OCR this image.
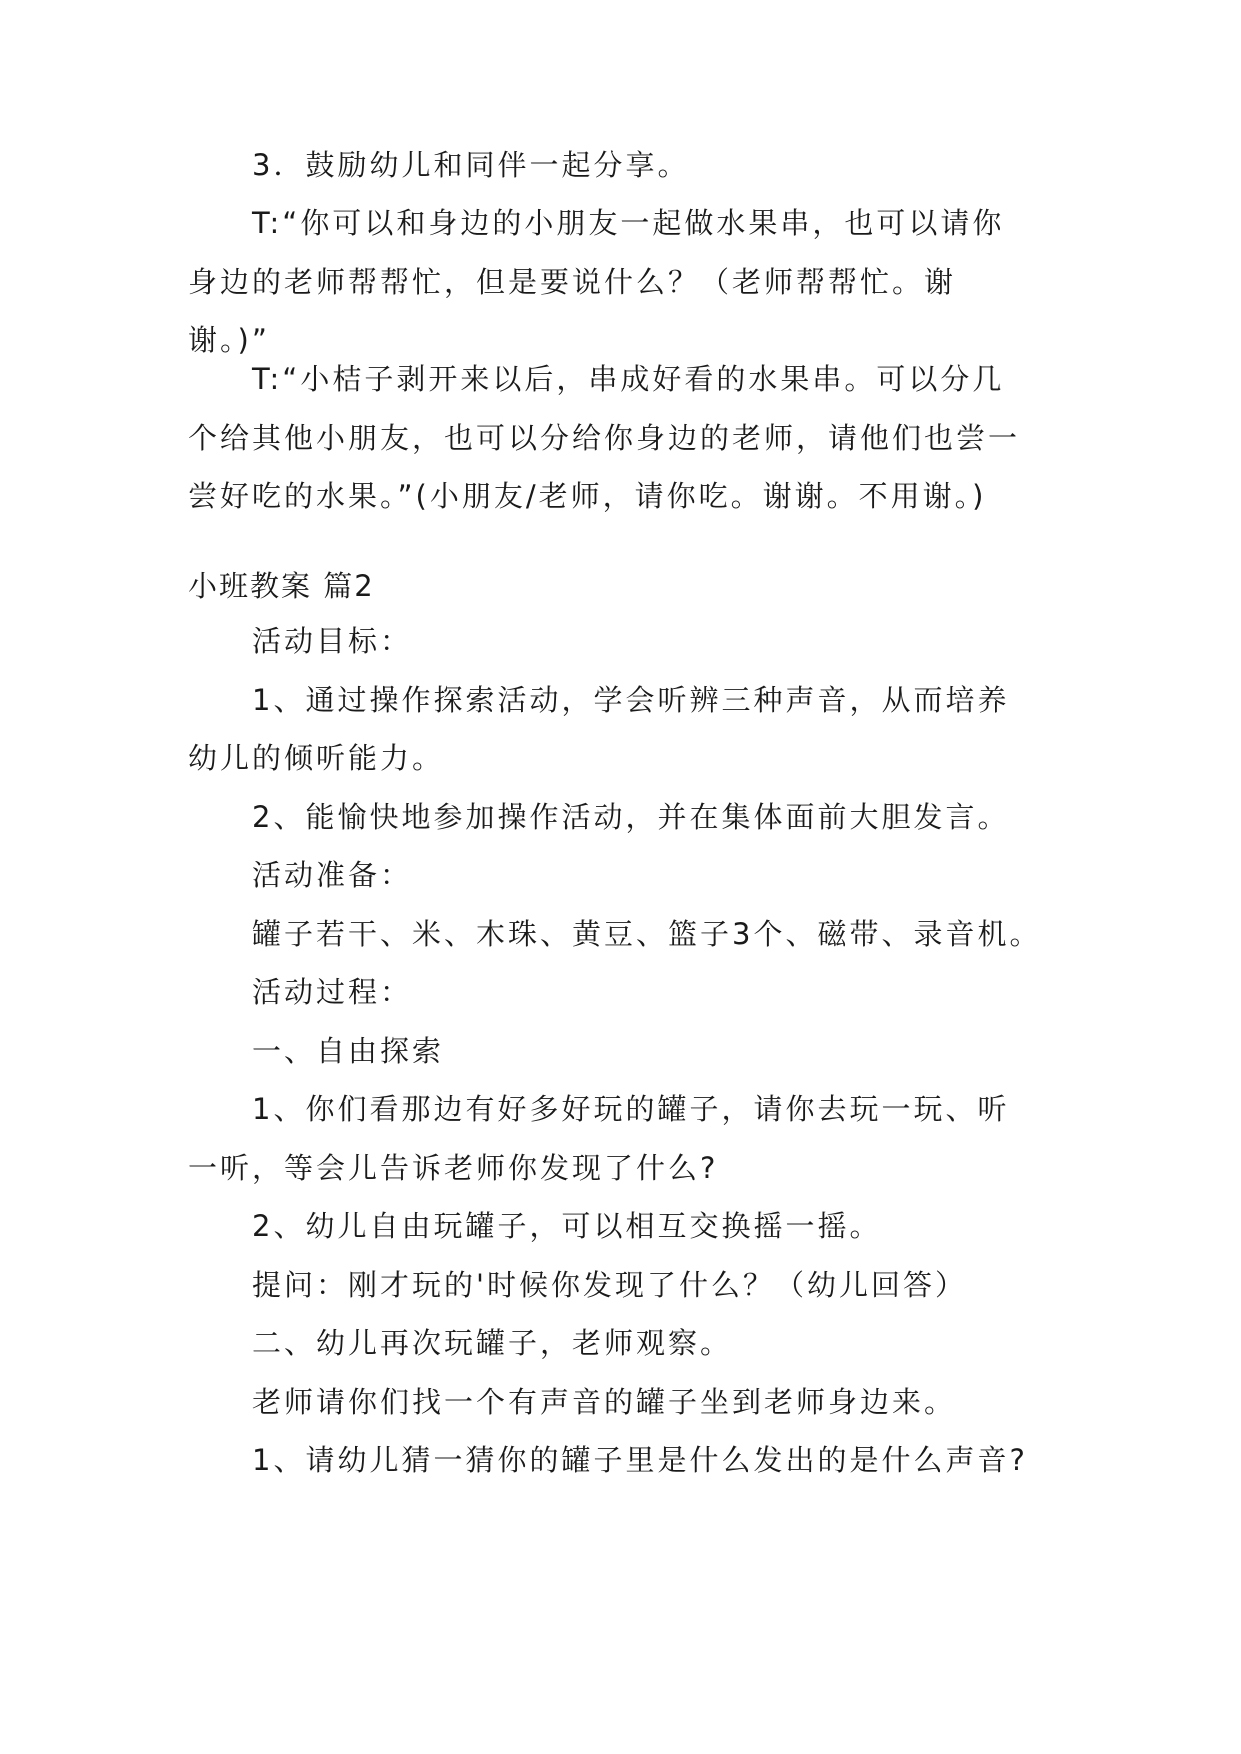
3．鼓励幼儿和同伴一起分享。
T:“你可以和身边的小朋友一起做水果串，也可以请你
身边的老师帮帮忙，但是要说什么？（老师帮帮忙。谢
谢。)”
T:“小桔子剥开来以后，串成好看的水果串。可以分几
个给其他小朋友，也可以分给你身边的老师，请他们也尝一
尝好吃的水果。”(小朋友/老师，请你吃。谢谢。不用谢。)
小班教案 篇2
活动目标：
1、通过操作探索活动，学会听辨三种声音，从而培养
幼儿的倾听能力。
2、能愉快地参加操作活动，并在集体面前大胆发言。
活动准备：
罐子若干、米、木珠、黄豆、篮子3个、磁带、录音机。
活动过程：
一、自由探索
1、你们看那边有好多好玩的罐子，请你去玩一玩、听
一听，等会儿告诉老师你发现了什么?
2、幼儿自由玩罐子，可以相互交换摇一摇。
提问：刚才玩的'时候你发现了什么？（幼儿回答）
二、幼儿再次玩罐子，老师观察。
老师请你们找一个有声音的罐子坐到老师身边来。
1、请幼儿猜一猜你的罐子里是什么发出的是什么声音?
